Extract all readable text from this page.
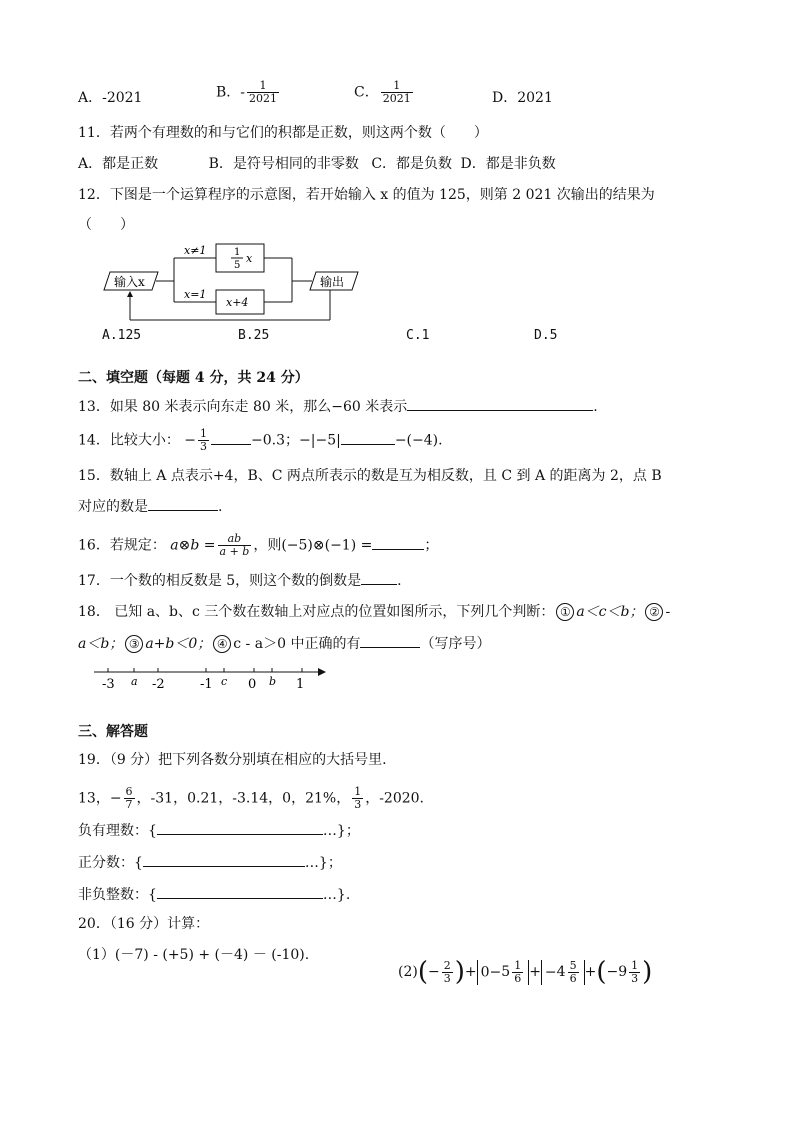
A．-2021	B．- $\frac{1}{2021}$	C． $\frac{1}{2021}$	D．2021
11．若两个有理数的和与它们的积都是正数，则这两个数（　　）
A．都是正数	B．是符号相同的非零数 C．都是负数 D．都是非负数
12．下图是一个运算程序的示意图，若开始输入 x 的值为 125，则第 2 021 次输出的结果为
（　　）
输入x	输出
x≠1
x=1
1
5
x
x+4
A.125	B.25	C.1	D.5
二、填空题（每题 4 分，共 24 分）
13．如果 80 米表示向东走 80 米，那么−60 米表示	.
14．比较大小： − $\frac{1}{3}$	−0.3；−|−5|	−(−4).
15．数轴上 A 点表示+4，B、C 两点所表示的数是互为相反数，且 C 到 A 的距离为 2，点 B
对应的数是	.
16．若规定： a⊗b = $\frac{ab}{a + b}$ ，则(−5)⊗(−1) =	；
17．一个数的相反数是 5，则这个数的倒数是	.
18． 已知 a、b、c 三个数在数轴上对应点的位置如图所示，下列几个判断： ① a＜c＜b； ② -
a＜b； ③ a+b＜0； ④ c - a＞0 中正确的有	（写序号）
-3	-2	-1	0	1
a	c	b
三、解答题
19．（9 分）把下列各数分别填在相应的大括号里.
13，− $\frac{6}{7}$ ，-31，0.21，-3.14，0，21%， $\frac{1}{3}$ ，-2020.
负有理数：{	…}；
正分数：{	…}；
非负整数：{	…}.
20．（16 分）计算：
（1）(－7) - (+5) + (－4) － (-10).
(2) ( − $\frac{2}{3}$ ) + $0- 5 \frac{1}{6}$ + − $4 \frac{5}{6}$ + ( − $9 \frac{1}{3}$ )
